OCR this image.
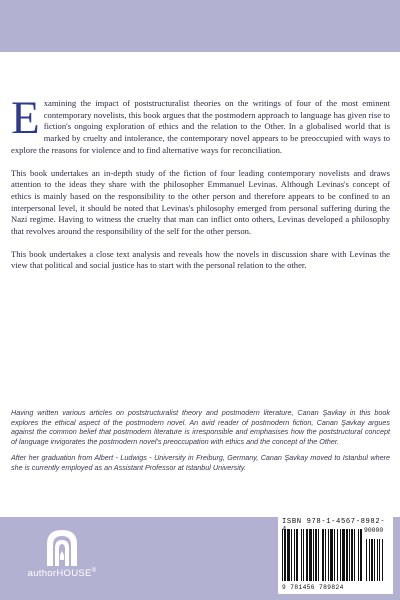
Examining the impact of poststructuralist theories on the writings of four of the most eminent contemporary novelists, this book argues that the postmodern approach to language has given rise to fiction's ongoing exploration of ethics and the relation to the Other. In a globalised world that is marked by cruelty and intolerance, the contemporary novel appears to be preoccupied with ways to explore the reasons for violence and to find alternative ways for reconciliation.

This book undertakes an in-depth study of the fiction of four leading contemporary novelists and draws attention to the ideas they share with the philosopher Emmanuel Levinas. Although Levinas's concept of ethics is mainly based on the responsibility to the other person and therefore appears to be confined to an interpersonal level, it should be noted that Levinas's philosophy emerged from personal suffering during the Nazi regime. Having to witness the cruelty that man can inflict onto others, Levinas developed a philosophy that revolves around the responsibility of the self for the other person.

This book undertakes a close text analysis and reveals how the novels in discussion share with Levinas the view that political and social justice has to start with the personal relation to the other.

Having written various articles on poststructuralist theory and postmodern literature, Canan Şavkay in this book explores the ethical aspect of the postmodern novel. An avid reader of postmodern fiction, Canan Şavkay argues against the common belief that postmodern literature is irresponsible and emphasises how the poststructural concept of language invigorates the postmodern novel's preoccupation with ethics and the concept of the Other.

After her graduation from Albert - Ludwigs - University in Freiburg, Germany, Canan Şavkay moved to Istanbul where she is currently employed as an Assistant Professor at Istanbul University.

authorHOUSE®
ISBN 978-1-4567-8982-
90000
9 781456 789824
